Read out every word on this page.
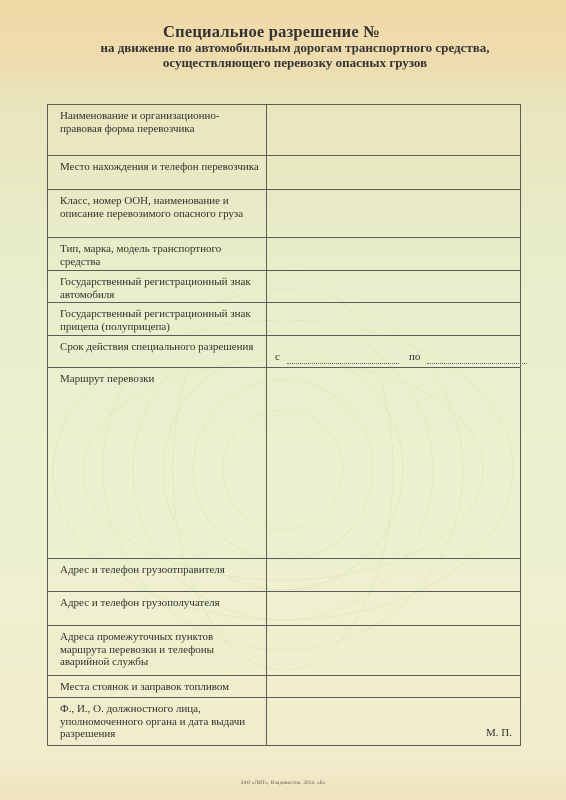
Специальное разрешение №
на движение по автомобильным дорогам транспортного средства,
осуществляющего перевозку опасных грузов
Наименование и организационно-правовая форма перевозчика	
Место нахождения и телефон перевозчика	
Класс, номер ООН, наименование и описание перевозимого опасного груза	
Тип, марка, модель транспортного средства	
Государственный регистрационный знак автомобиля	
Государственный регистрационный знак прицепа (полуприцепа)	
Срок действия специального разрешения	с по

Маршрут перевозки	
Адрес и телефон грузоотправителя	
Адрес и телефон грузополучателя	
Адреса промежуточных пунктов маршрута перевозки и телефоны аварийной службы	
Места стоянок и заправок топливом	
Ф., И., О. должностного лица, уполномоченного органа и дата выдачи разрешения	М. П.
ЗАО «ЛИТ», Владивосток, 2014, «Б»
